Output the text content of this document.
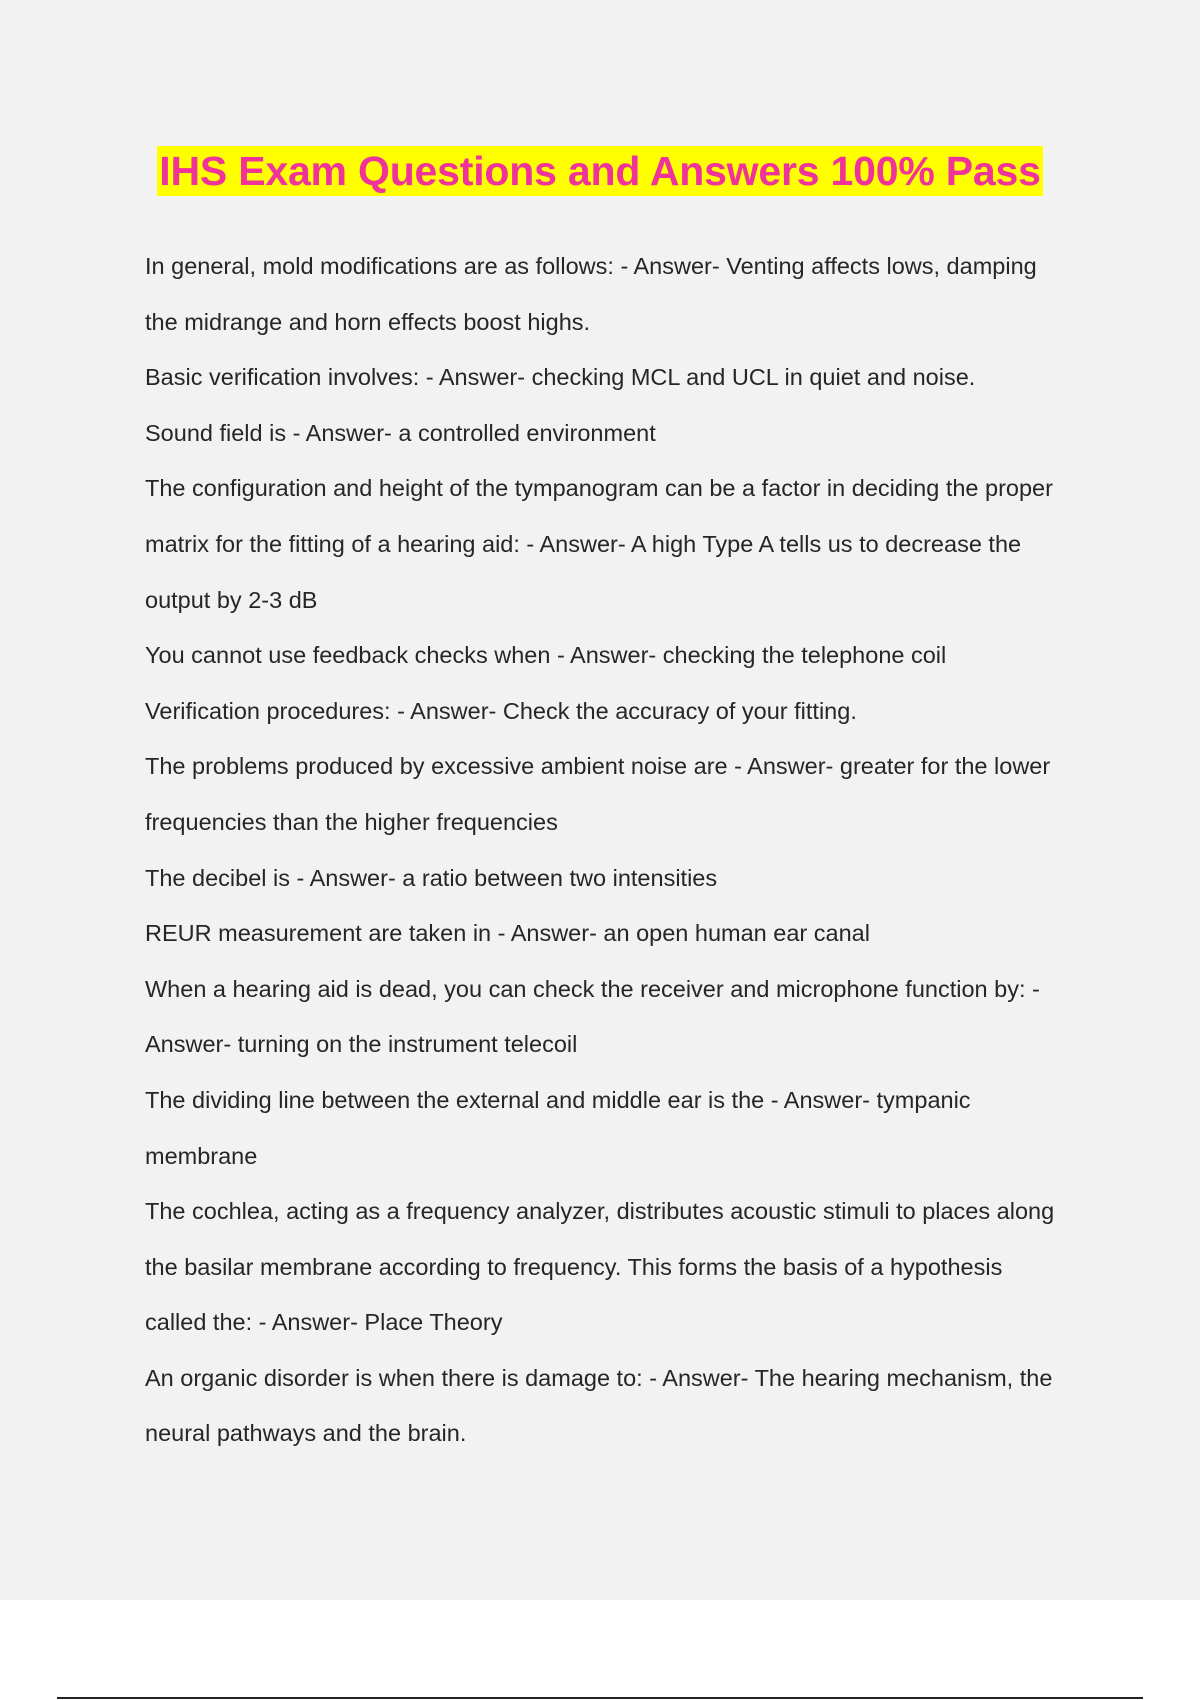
IHS Exam Questions and Answers 100% Pass
In general, mold modifications are as follows: - Answer- Venting affects lows, damping
the midrange and horn effects boost highs.
Basic verification involves: - Answer- checking MCL and UCL in quiet and noise.
Sound field is - Answer- a controlled environment
The configuration and height of the tympanogram can be a factor in deciding the proper
matrix for the fitting of a hearing aid: - Answer- A high Type A tells us to decrease the
output by 2-3 dB
You cannot use feedback checks when - Answer- checking the telephone coil
Verification procedures: - Answer- Check the accuracy of your fitting.
The problems produced by excessive ambient noise are - Answer- greater for the lower
frequencies than the higher frequencies
The decibel is - Answer- a ratio between two intensities
REUR measurement are taken in - Answer- an open human ear canal
When a hearing aid is dead, you can check the receiver and microphone function by: -
Answer- turning on the instrument telecoil
The dividing line between the external and middle ear is the - Answer- tympanic
membrane
The cochlea, acting as a frequency analyzer, distributes acoustic stimuli to places along
the basilar membrane according to frequency. This forms the basis of a hypothesis
called the: - Answer- Place Theory
An organic disorder is when there is damage to: - Answer- The hearing mechanism, the
neural pathways and the brain.
